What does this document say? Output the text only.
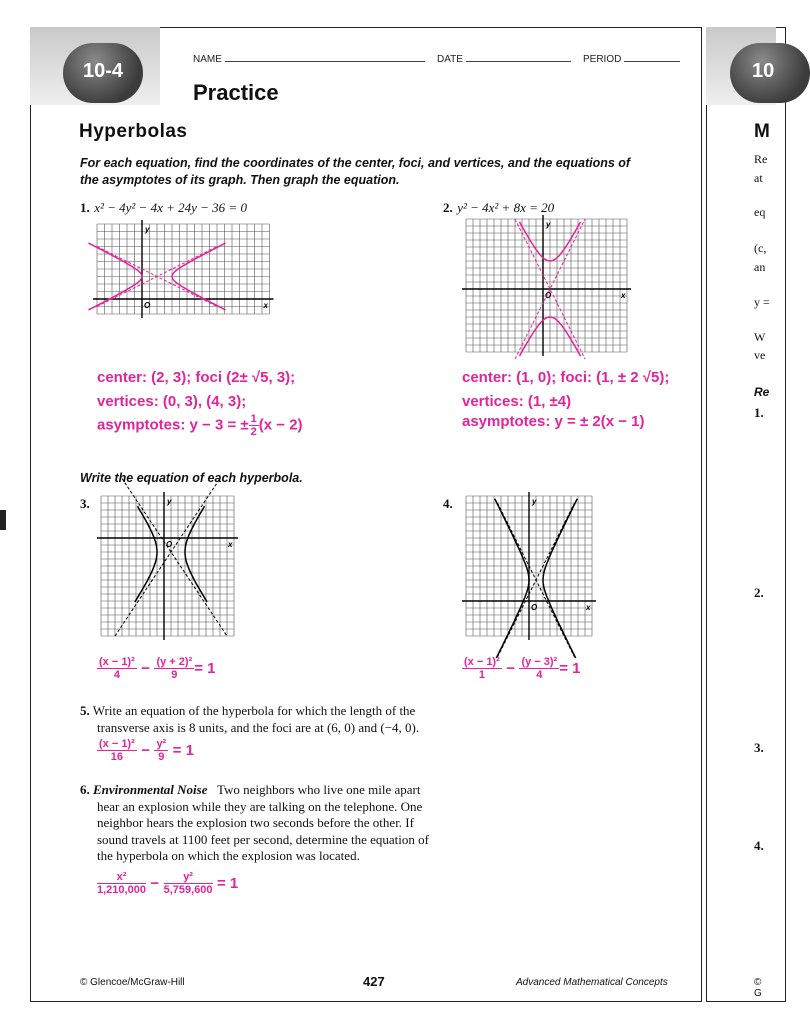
10-4
NAME	DATE	PERIOD
Practice
Hyperbolas
For each equation, find the coordinates of the center, foci, and vertices, and the equations of the asymptotes of its graph. Then graph the equation.
1. x² − 4y² − 4x + 24y − 36 = 0
y
x
O
center: (2, 3); foci (2± √5, 3);
vertices: (0, 3), (4, 3);
asymptotes: y − 3 = ± $\frac{1}{2} (x - 2)$
2. y² − 4x² + 8x = 20
y
x
O
center: (1, 0); foci: (1, ± 2 √5);
vertices: (1, ±4)
asymptotes: y = ± 2(x − 1)
Write the equation of each hyperbola.
3.	y
x
O
$\frac{\text{(x − 1)²}}{4} - \frac{\text{(y + 2)²}}{9} = 1$
4.	y
x
O
$\frac{\text{(x − 1)²}}{1} - \frac{\text{(y − 3)²}}{4} = 1$
5. Write an equation of the hyperbola for which the length of the
transverse axis is 8 units, and the foci are at (6, 0) and (−4, 0).
$\frac{\text{(x − 1)²}}{16} - \frac{\text{y²}}{9} = 1$
6. Environmental Noise Two neighbors who live one mile apart
hear an explosion while they are talking on the telephone. One
neighbor hears the explosion two seconds before the other. If
sound travels at 1100 feet per second, determine the equation of
the hyperbola on which the explosion was located.
$\frac{\text{x²}}{1,210,000} - \frac{\text{y²}}{5,759,600} = 1$
© Glencoe/McGraw-Hill	427	Advanced Mathematical Concepts
10
M
Re
at
eq
(c,
an
y =
W
ve
Re
1.
2.
3.
4.
© G
